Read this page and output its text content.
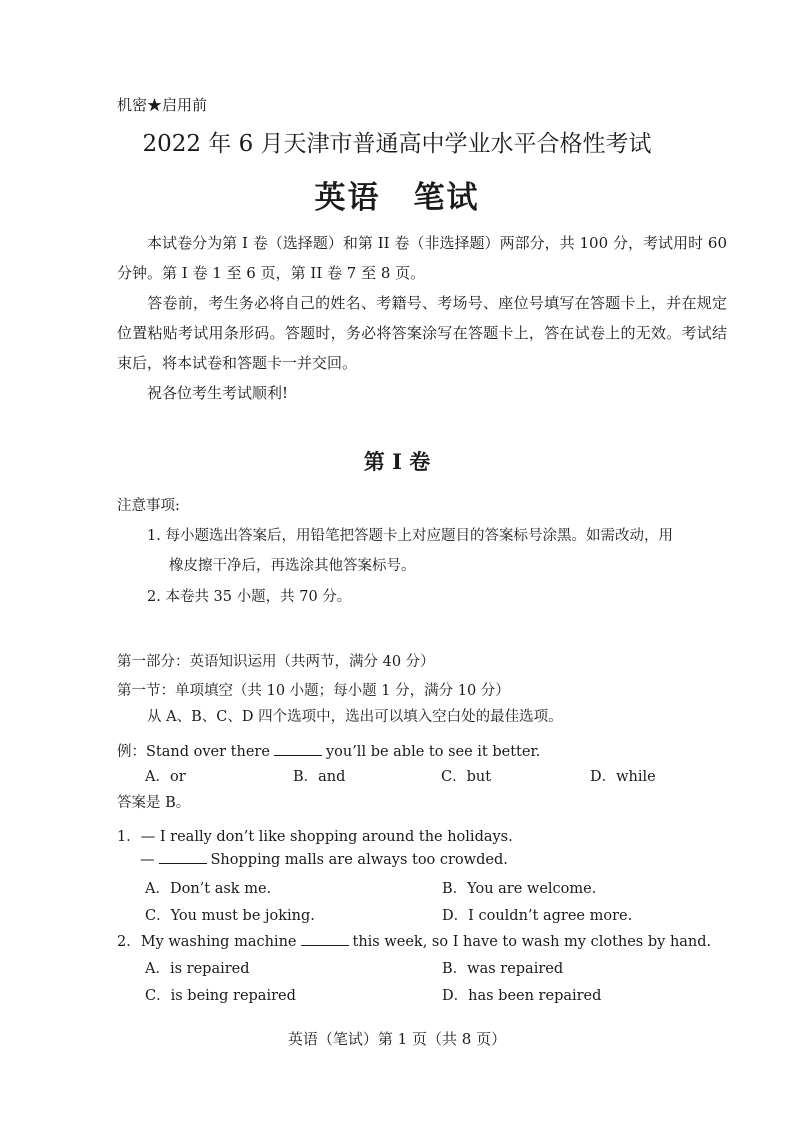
机密★启用前
2022 年 6 月天津市普通高中学业水平合格性考试
英语　笔试
本试卷分为第 I 卷（选择题）和第 II 卷（非选择题）两部分，共 100 分，考试用时 60 分钟。第 I 卷 1 至 6 页，第 II 卷 7 至 8 页。
答卷前，考生务必将自己的姓名、考籍号、考场号、座位号填写在答题卡上，并在规定位置粘贴考试用条形码。答题时，务必将答案涂写在答题卡上，答在试卷上的无效。考试结束后，将本试卷和答题卡一并交回。
祝各位考生考试顺利!
第 I 卷
注意事项:
1. 每小题选出答案后，用铅笔把答题卡上对应题目的答案标号涂黑。如需改动，用
橡皮擦干净后，再选涂其他答案标号。
2. 本卷共 35 小题，共 70 分。
第一部分：英语知识运用（共两节，满分 40 分）
第一节：单项填空（共 10 小题；每小题 1 分，满分 10 分）
从 A、B、C、D 四个选项中，选出可以填入空白处的最佳选项。
例：Stand over there	you’ll be able to see it better.
A．or	B．and	C．but	D．while
答案是 B。
1．— I really don’t like shopping around the holidays.
—	Shopping malls are always too crowded.
A．Don’t ask me.	B．You are welcome.
C．You must be joking.	D．I couldn’t agree more.
2．My washing machine	this week, so I have to wash my clothes by hand.
A．is repaired	B．was repaired
C．is being repaired	D．has been repaired
英语（笔试）第 1 页（共 8 页）
